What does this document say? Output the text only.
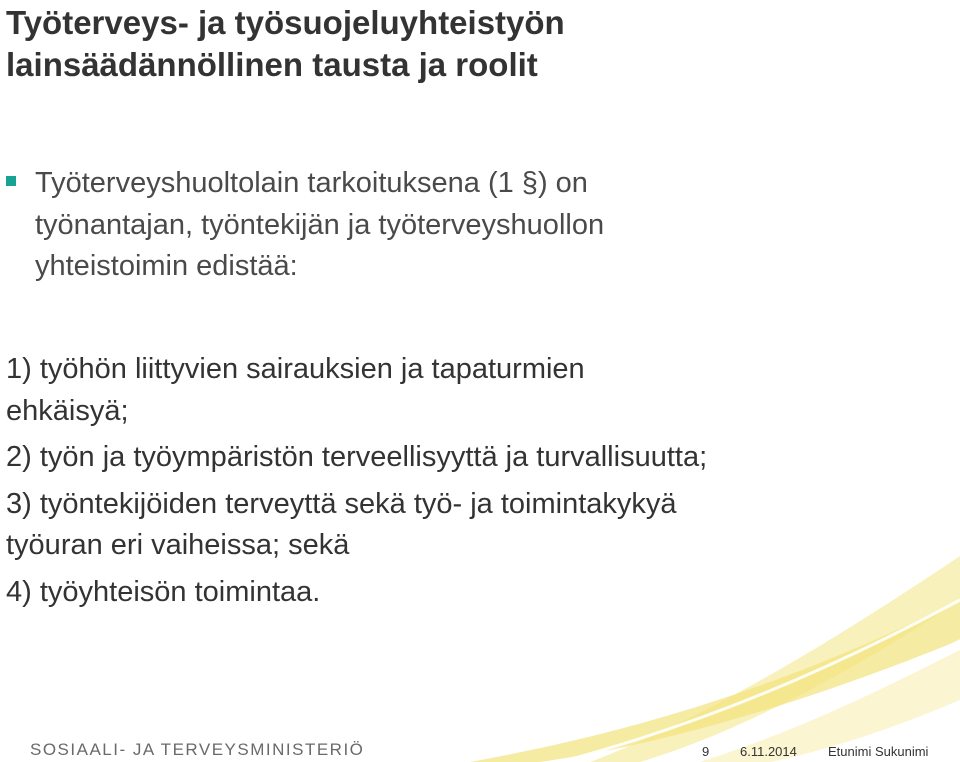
Työterveys- ja työsuojeluyhteistyön
lainsäädännöllinen tausta ja roolit
Työterveyshuoltolain tarkoituksena (1 §) on
työnantajan, työntekijän ja työterveyshuollon
yhteistoimin edistää:
1) työhön liittyvien sairauksien ja tapaturmien
ehkäisyä;
2) työn ja työympäristön terveellisyyttä ja turvallisuutta;
3) työntekijöiden terveyttä sekä työ- ja toimintakykyä
työuran eri vaiheissa; sekä
4) työyhteisön toimintaa.
SOSIAALI- JA TERVEYSMINISTERIÖ	9 6.11.2014 Etunimi Sukunimi
